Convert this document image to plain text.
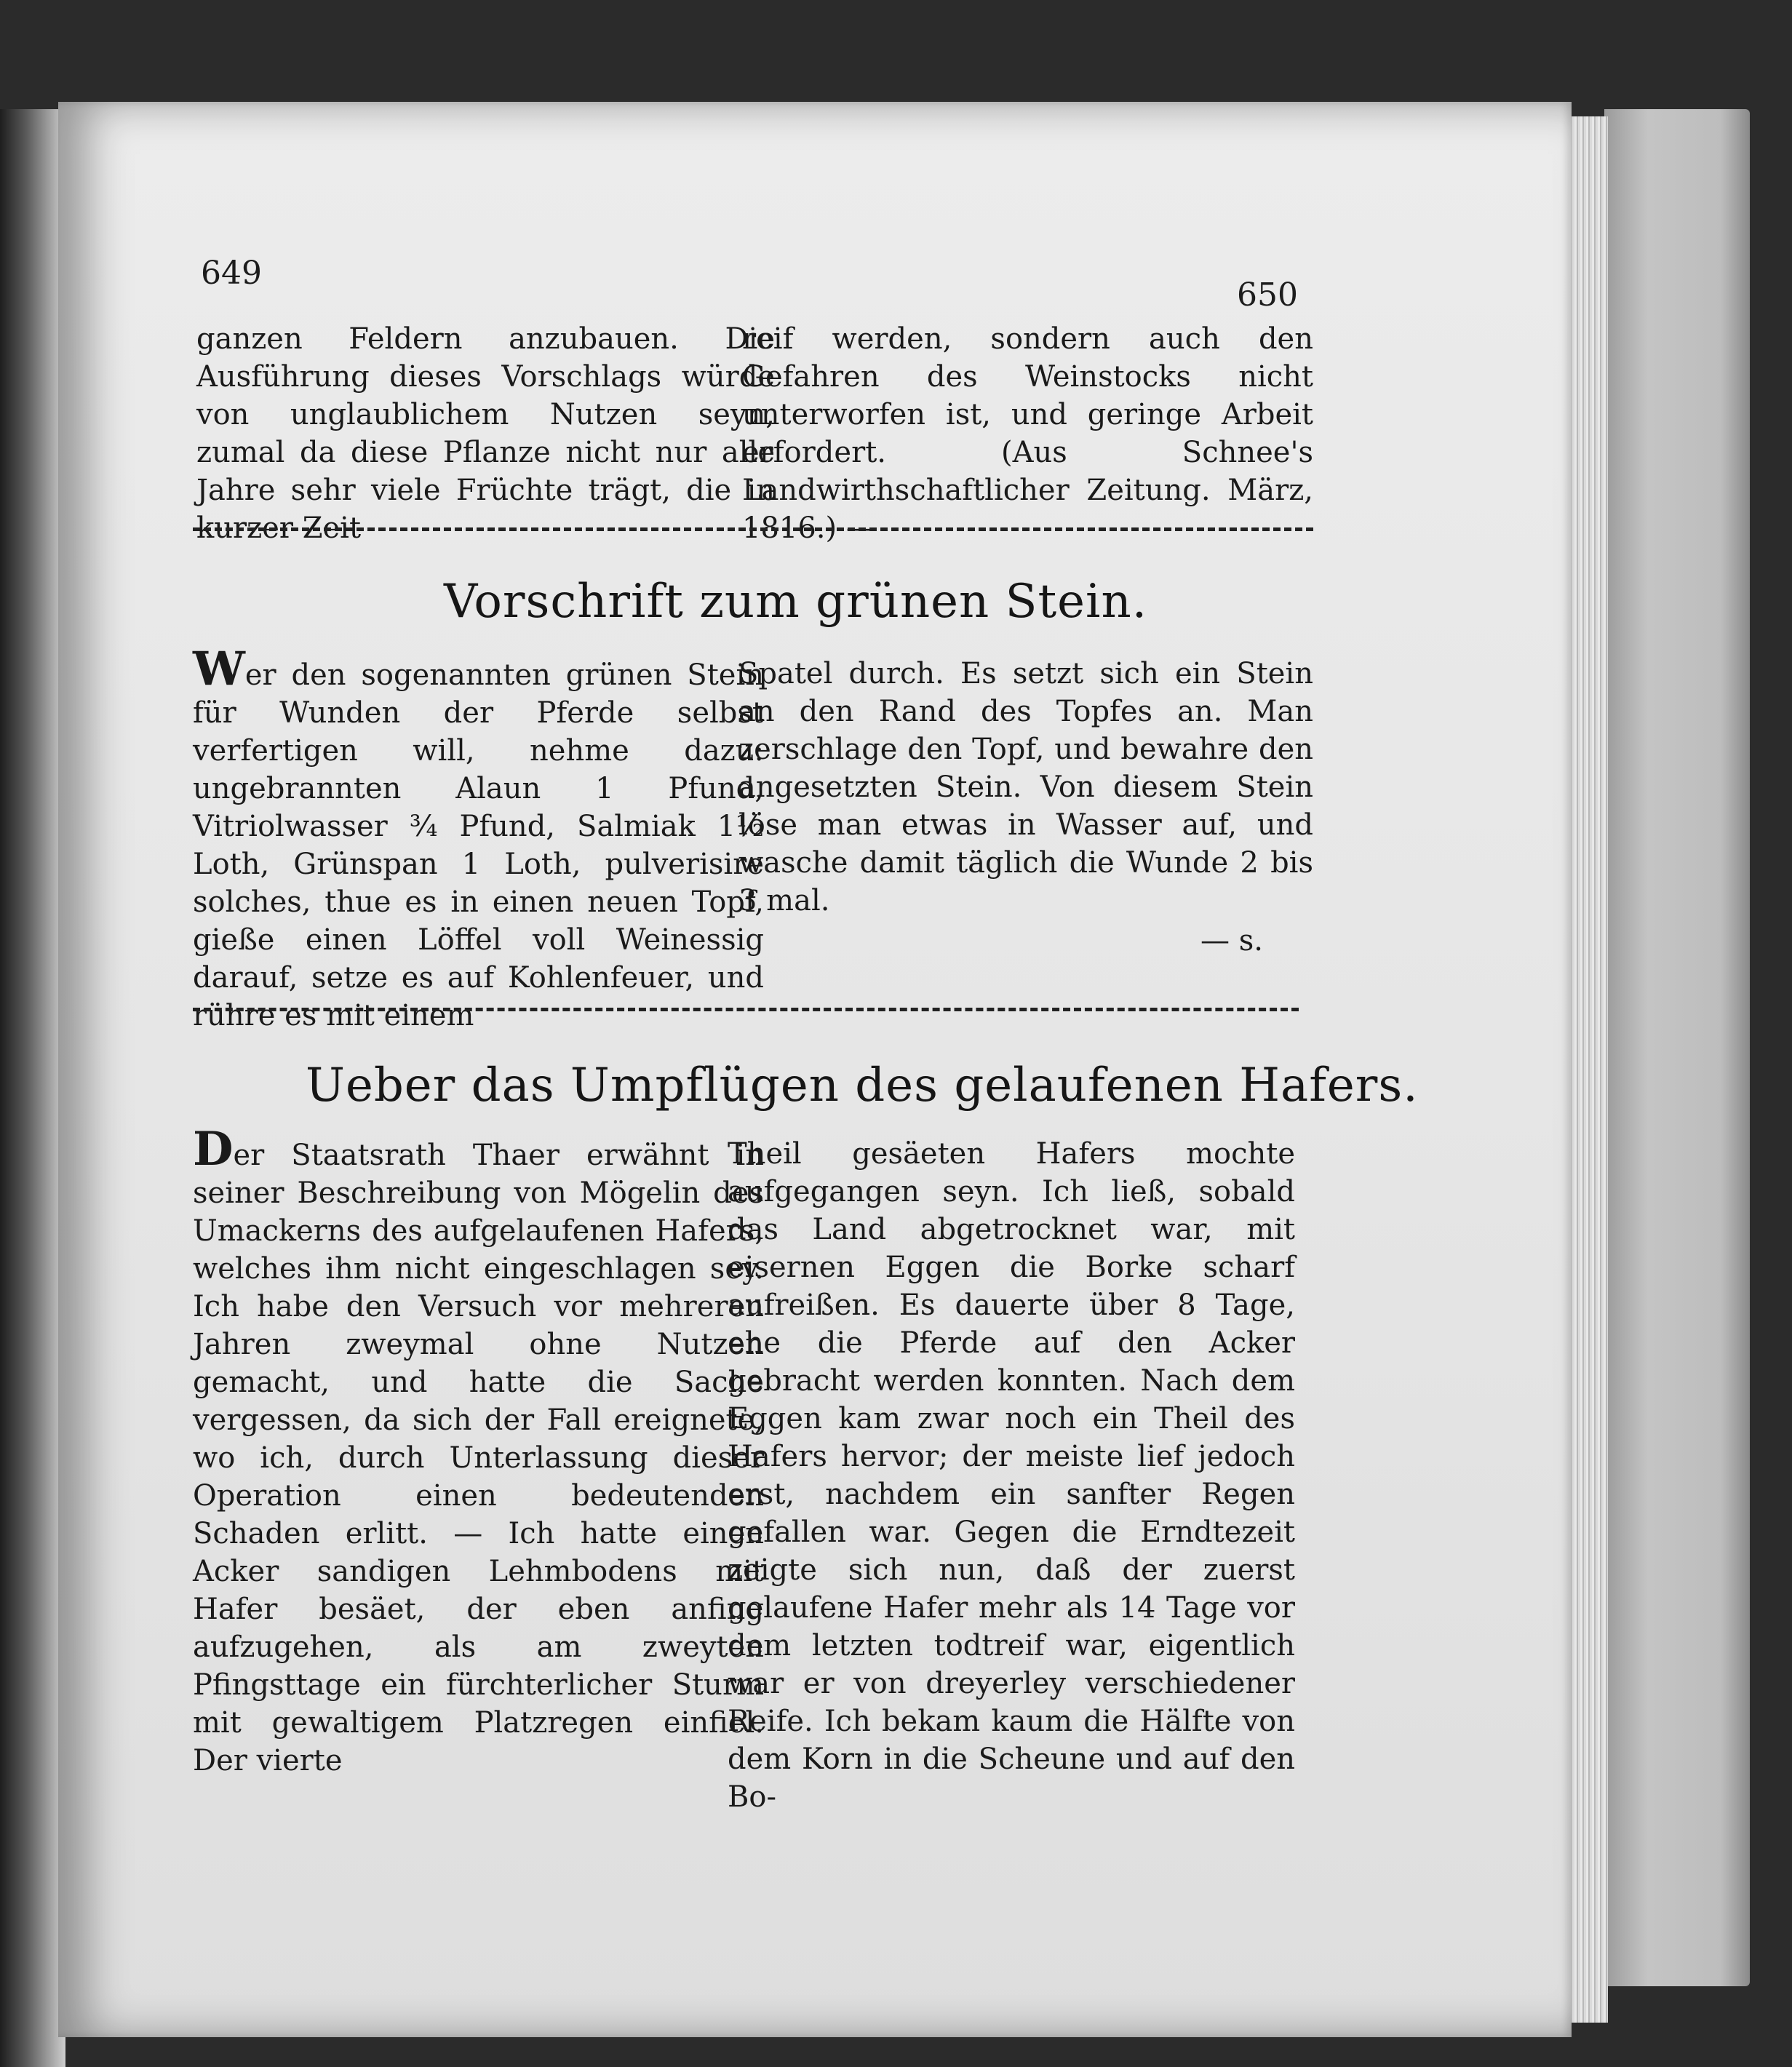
649
650

ganzen Feldern anzubauen. Die Ausführung dieses Vorschlags würde von unglaublichem Nutzen seyn, zumal da diese Pflanze nicht nur alle Jahre sehr viele Früchte trägt, die in kurzer Zeit

reif werden, sondern auch den Gefahren des Weinstocks nicht unterworfen ist, und geringe Arbeit erfordert. (Aus Schnee's Landwirthschaftlicher Zeitung. März, 1816.) —

Vorschrift zum grünen Stein.

Wer den sogenannten grünen Stein für Wunden der Pferde selbst verfertigen will, nehme dazu: ungebrannten Alaun 1 Pfund, Vitriolwasser ¾ Pfund, Salmiak 1½ Loth, Grünspan 1 Loth, pulverisire solches, thue es in einen neuen Topf, gieße einen Löffel voll Weinessig darauf, setze es auf Kohlenfeuer, und rühre es mit einem

Spatel durch. Es setzt sich ein Stein an den Rand des Topfes an. Man zerschlage den Topf, und bewahre den angesetzten Stein. Von diesem Stein löse man etwas in Wasser auf, und wasche damit täglich die Wunde 2 bis 3 mal.

— s.
Ueber das Umpflügen des gelaufenen Hafers.

Der Staatsrath Thaer erwähnt in seiner Beschreibung von Mögelin des Umackerns des aufgelaufenen Hafers, welches ihm nicht eingeschlagen sey. Ich habe den Versuch vor mehreren Jahren zweymal ohne Nutzen gemacht, und hatte die Sache vergessen, da sich der Fall ereignete, wo ich, durch Unterlassung dieser Operation einen bedeutenden Schaden erlitt. — Ich hatte einen Acker sandigen Lehmbodens mit Hafer besäet, der eben anfing aufzugehen, als am zweyten Pfingsttage ein fürchterlicher Sturm mit gewaltigem Platzregen einfiel. Der vierte

Theil gesäeten Hafers mochte aufgegangen seyn. Ich ließ, sobald das Land abgetrocknet war, mit eisernen Eggen die Borke scharf aufreißen. Es dauerte über 8 Tage, ehe die Pferde auf den Acker gebracht werden konnten. Nach dem Eggen kam zwar noch ein Theil des Hafers hervor; der meiste lief jedoch erst, nachdem ein sanfter Regen gefallen war. Gegen die Erndtezeit zeigte sich nun, daß der zuerst gelaufene Hafer mehr als 14 Tage vor dem letzten todtreif war, eigentlich war er von dreyerley verschiedener Reife. Ich bekam kaum die Hälfte von dem Korn in die Scheune und auf den Bo-
